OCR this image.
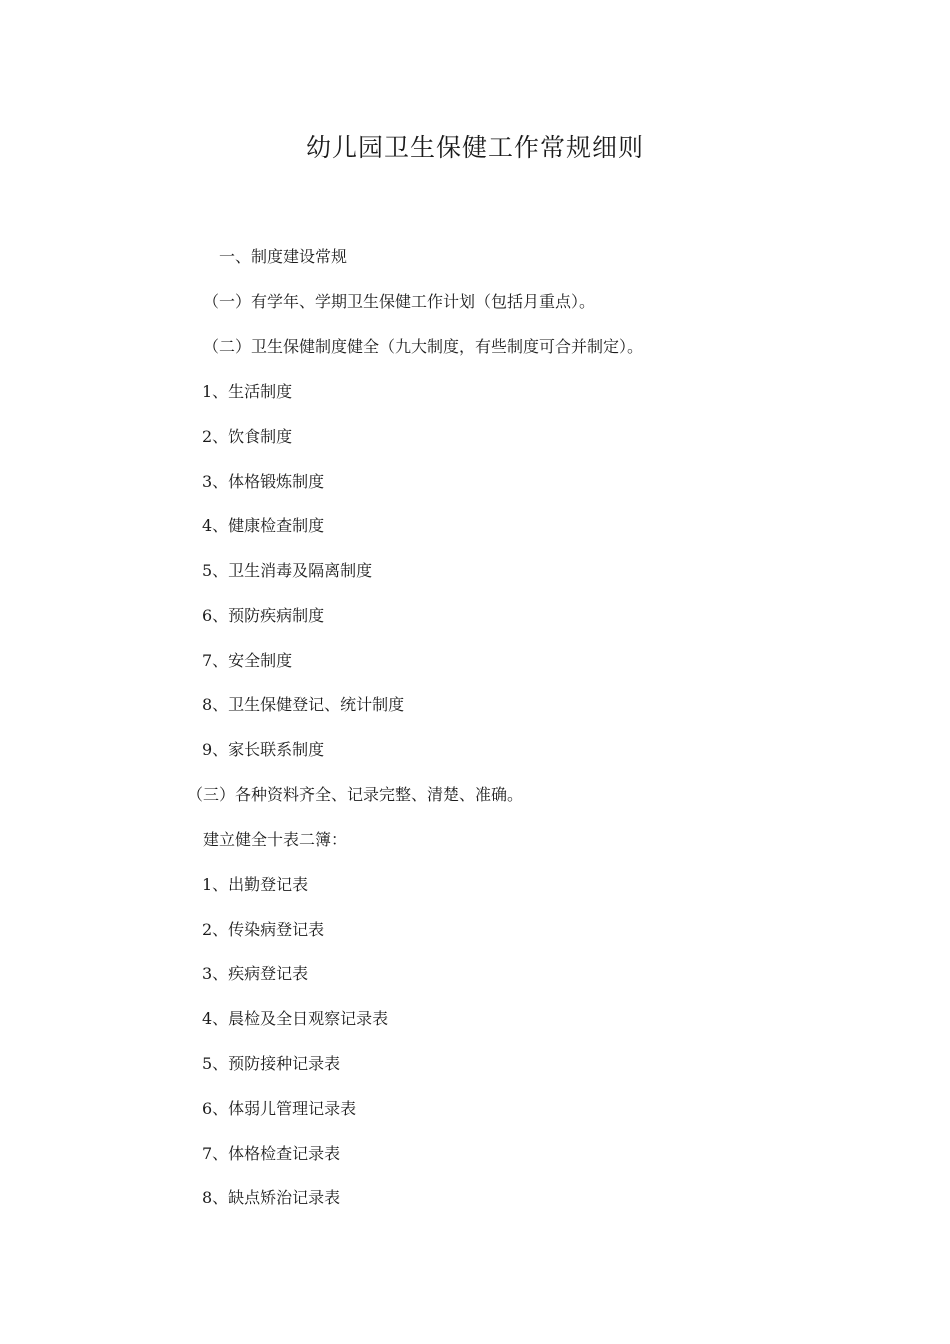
幼儿园卫生保健工作常规细则
一、制度建设常规
（一）有学年、学期卫生保健工作计划（包括月重点）。
（二）卫生保健制度健全（九大制度，有些制度可合并制定）。
1、生活制度
2、饮食制度
3、体格锻炼制度
4、健康检查制度
5、卫生消毒及隔离制度
6、预防疾病制度
7、安全制度
8、卫生保健登记、统计制度
9、家长联系制度
（三）各种资料齐全、记录完整、清楚、准确。
建立健全十表二簿：
1、出勤登记表
2、传染病登记表
3、疾病登记表
4、晨检及全日观察记录表
5、预防接种记录表
6、体弱儿管理记录表
7、体格检查记录表
8、缺点矫治记录表
